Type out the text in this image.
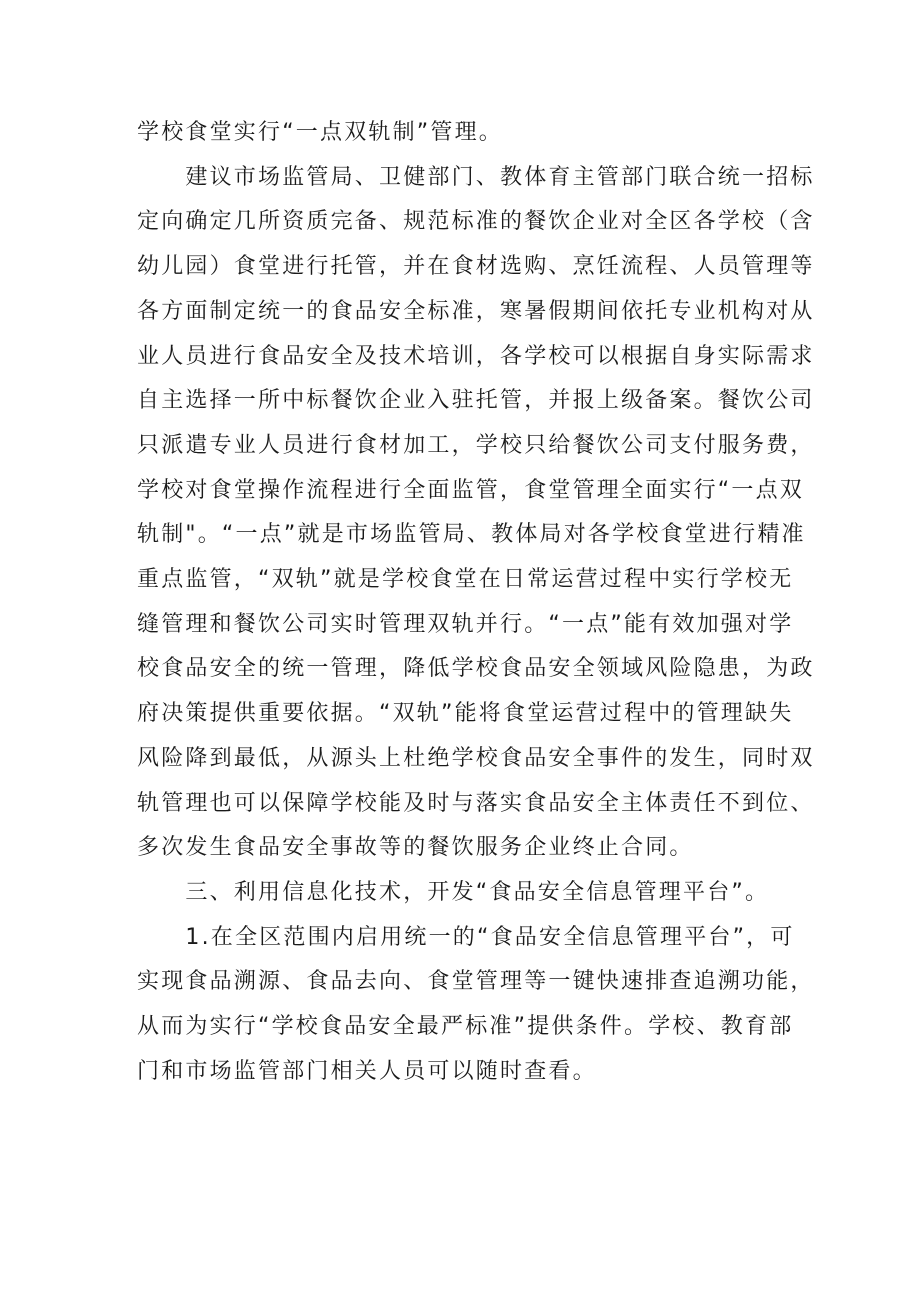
学校食堂实行“一点双轨制”管理。
　　建议市场监管局、卫健部门、教体育主管部门联合统一招标
定向确定几所资质完备、规范标准的餐饮企业对全区各学校（含
幼儿园）食堂进行托管，并在食材选购、烹饪流程、人员管理等
各方面制定统一的食品安全标准，寒暑假期间依托专业机构对从
业人员进行食品安全及技术培训，各学校可以根据自身实际需求
自主选择一所中标餐饮企业入驻托管，并报上级备案。餐饮公司
只派遣专业人员进行食材加工，学校只给餐饮公司支付服务费，
学校对食堂操作流程进行全面监管，食堂管理全面实行“一点双
轨制"。“一点”就是市场监管局、教体局对各学校食堂进行精准
重点监管，“双轨”就是学校食堂在日常运营过程中实行学校无
缝管理和餐饮公司实时管理双轨并行。“一点”能有效加强对学
校食品安全的统一管理，降低学校食品安全领域风险隐患，为政
府决策提供重要依据。“双轨”能将食堂运营过程中的管理缺失
风险降到最低，从源头上杜绝学校食品安全事件的发生，同时双
轨管理也可以保障学校能及时与落实食品安全主体责任不到位、
多次发生食品安全事故等的餐饮服务企业终止合同。
　　三、利用信息化技术，开发“食品安全信息管理平台”。
　　1.在全区范围内启用统一的“食品安全信息管理平台”，可
实现食品溯源、食品去向、食堂管理等一键快速排查追溯功能，
从而为实行“学校食品安全最严标准”提供条件。学校、教育部
门和市场监管部门相关人员可以随时查看。
